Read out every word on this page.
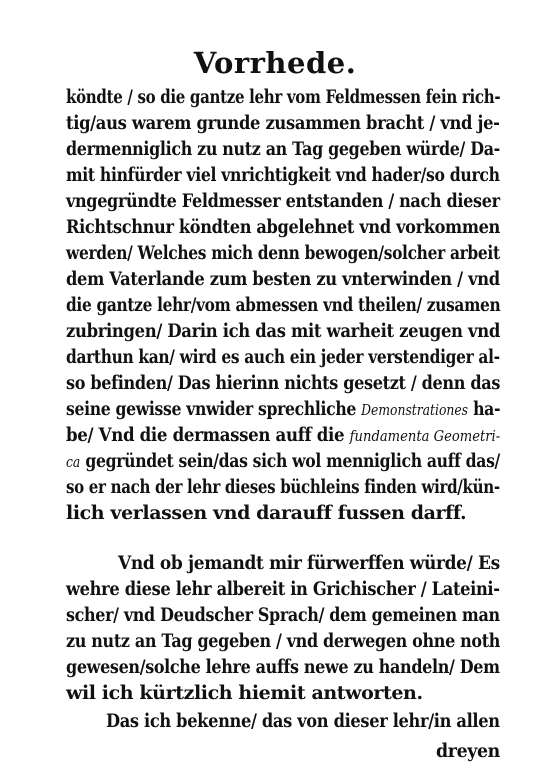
Vorrhede.
köndte / so die gantze lehr vom Feldmessen fein rich-
tig/aus warem grunde zusammen bracht / vnd je-
dermenniglich zu nutz an Tag gegeben würde/ Da-
mit hinfürder viel vnrichtigkeit vnd hader/so durch
vngegründte Feldmesser entstanden / nach dieser
Richtschnur köndten abgelehnet vnd vorkommen
werden/ Welches mich denn bewogen/solcher arbeit
dem Vaterlande zum besten zu vnterwinden / vnd
die gantze lehr/vom abmessen vnd theilen/ zusamen
zubringen/ Darin ich das mit warheit zeugen vnd
darthun kan/ wird es auch ein jeder verstendiger al-
so befinden/ Das hierinn nichts gesetzt / denn das
seine gewisse vnwider sprechliche Demonstrationes ha-
be/ Vnd die dermassen auff die fundamenta Geometri-
ca gegründet sein/das sich wol menniglich auff das/
so er nach der lehr dieses büchleins finden wird/kün-
lich verlassen vnd darauff fussen darff.
Vnd ob jemandt mir fürwerffen würde/ Es
wehre diese lehr albereit in Grichischer / Lateini-
scher/ vnd Deudscher Sprach/ dem gemeinen man
zu nutz an Tag gegeben / vnd derwegen ohne noth
gewesen/solche lehre auffs newe zu handeln/ Dem
wil ich kürtzlich hiemit antworten.
Das ich bekenne/ das von dieser lehr/in allen
dreyen
